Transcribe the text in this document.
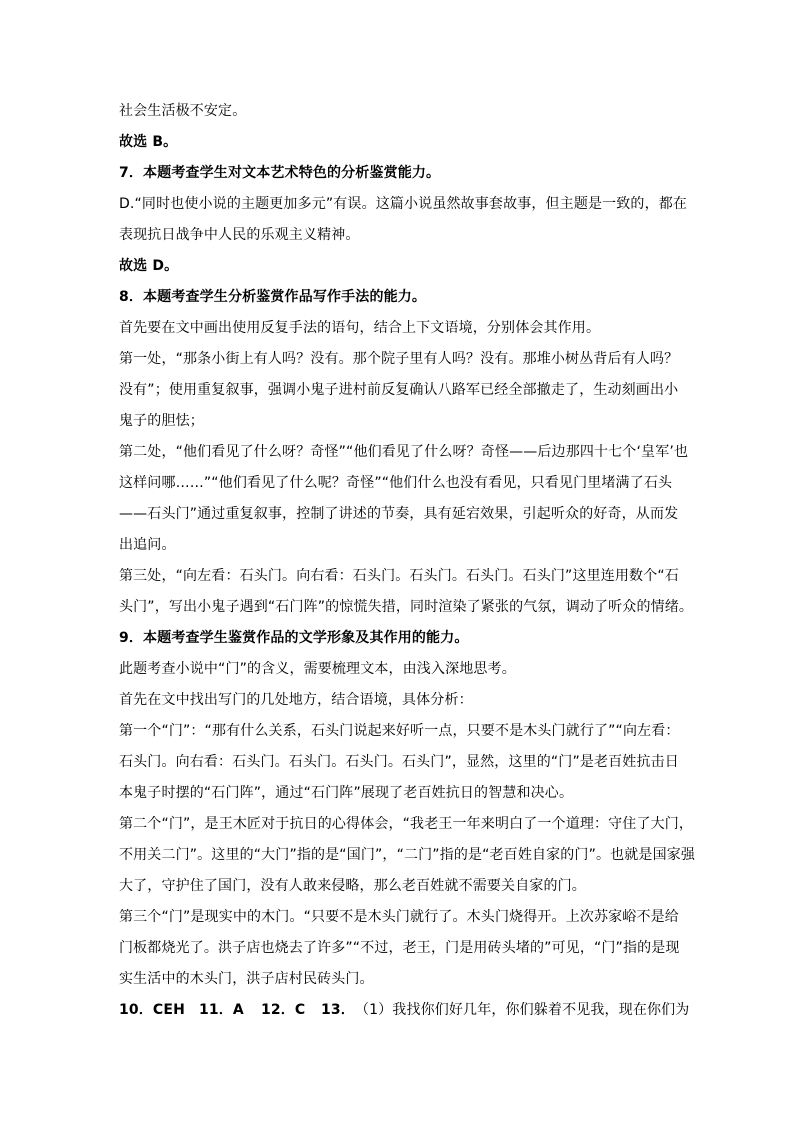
社会生活极不安定。
故选 B。
7．本题考查学生对文本艺术特色的分析鉴赏能力。
D.“同时也使小说的主题更加多元”有误。这篇小说虽然故事套故事，但主题是一致的，都在
表现抗日战争中人民的乐观主义精神。
故选 D。
8．本题考查学生分析鉴赏作品写作手法的能力。
首先要在文中画出使用反复手法的语句，结合上下文语境，分别体会其作用。
第一处，“那条小街上有人吗？没有。那个院子里有人吗？没有。那堆小树丛背后有人吗？
没有”；使用重复叙事，强调小鬼子进村前反复确认八路军已经全部撤走了，生动刻画出小
鬼子的胆怯；
第二处，“他们看见了什么呀？奇怪”“他们看见了什么呀？奇怪——后边那四十七个‘皇军’也
这样问哪……”“他们看见了什么呢？奇怪”“他们什么也没有看见，只看见门里堵满了石头
——石头门”通过重复叙事，控制了讲述的节奏，具有延宕效果，引起听众的好奇，从而发
出追问。
第三处，“向左看：石头门。向右看：石头门。石头门。石头门。石头门”这里连用数个“石
头门”，写出小鬼子遇到“石门阵”的惊慌失措，同时渲染了紧张的气氛，调动了听众的情绪。
9．本题考查学生鉴赏作品的文学形象及其作用的能力。
此题考查小说中“门”的含义，需要梳理文本，由浅入深地思考。
首先在文中找出写门的几处地方，结合语境，具体分析：
第一个“门”：“那有什么关系，石头门说起来好听一点，只要不是木头门就行了”“向左看：
石头门。向右看：石头门。石头门。石头门。石头门”，显然，这里的“门”是老百姓抗击日
本鬼子时摆的“石门阵”，通过“石门阵”展现了老百姓抗日的智慧和决心。
第二个“门”，是王木匠对于抗日的心得体会，“我老王一年来明白了一个道理：守住了大门，
不用关二门”。这里的“大门”指的是“国门”，“二门”指的是“老百姓自家的门”。也就是国家强
大了，守护住了国门，没有人敢来侵略，那么老百姓就不需要关自家的门。
第三个“门”是现实中的木门。“只要不是木头门就行了。木头门烧得开。上次苏家峪不是给
门板都烧光了。洪子店也烧去了许多”“不过，老王，门是用砖头堵的”可见，“门”指的是现
实生活中的木头门，洪子店村民砖头门。
10．CEH 11．A 12．C 13．（1）我找你们好几年，你们躲着不见我，现在你们为
